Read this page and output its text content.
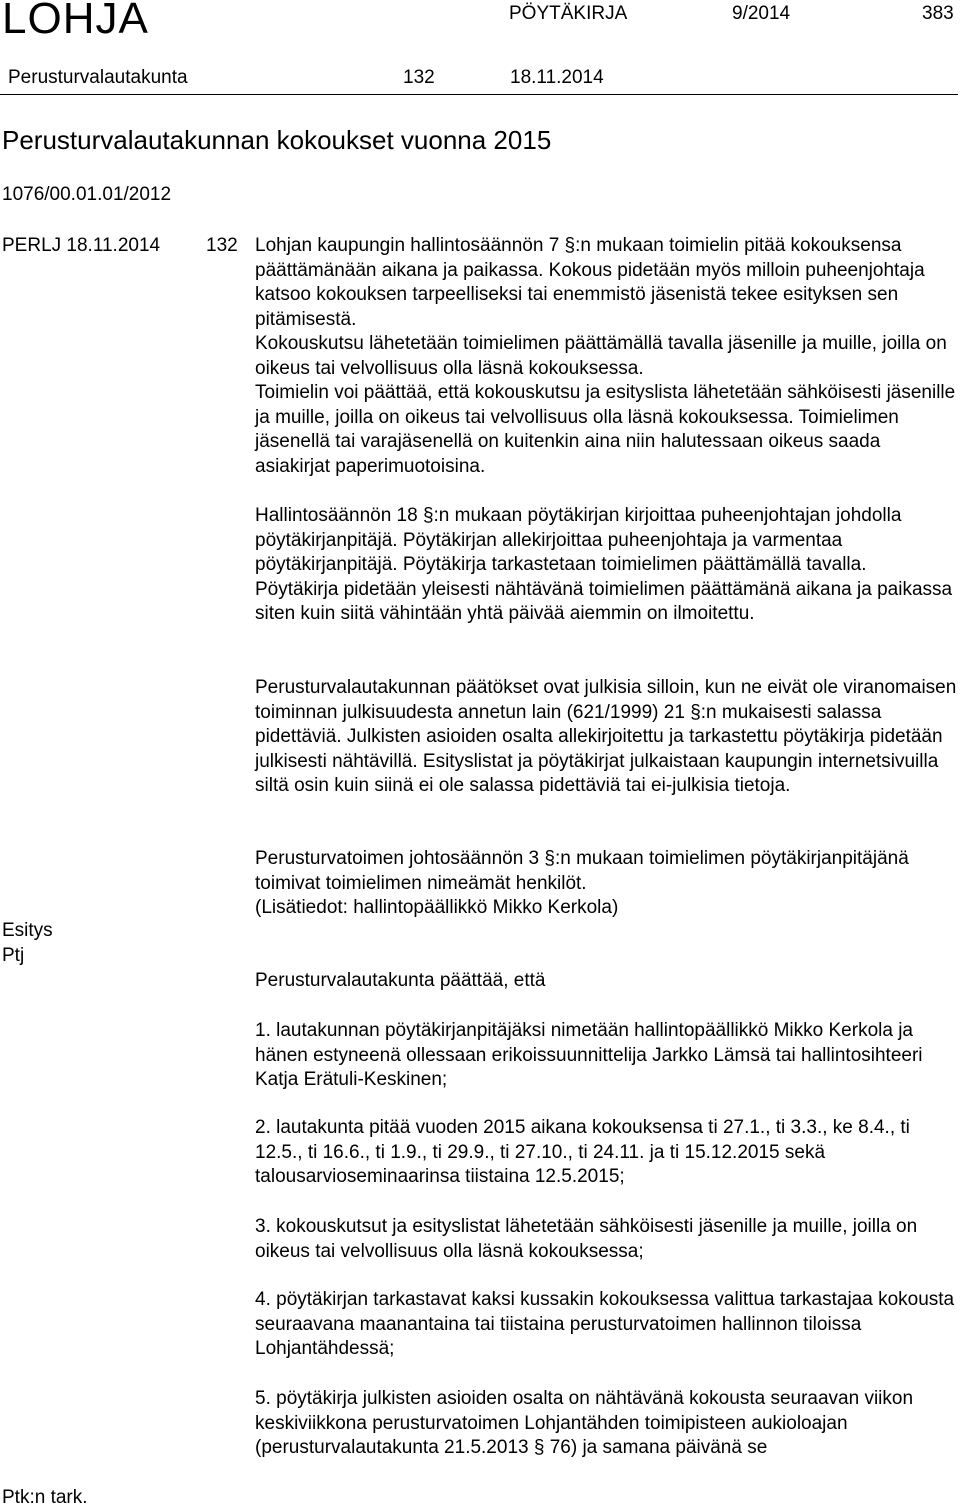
LOHJA	PÖYTÄKIRJA	9/2014	383
Perusturvalautakunta	132	18.11.2014
Perusturvalautakunnan kokoukset vuonna 2015
1076/00.01.01/2012
PERLJ 18.11.2014 132
Esitys
Ptj
Ptk:n tark.

Lohjan kaupungin hallintosäännön 7 §:n mukaan toimielin pitää kokouksensa päättämänään aikana ja paikassa. Kokous pidetään myös milloin puheenjohtaja katsoo kokouksen tarpeelliseksi tai enemmistö jäsenistä tekee esityksen sen pitämisestä.

Kokouskutsu lähetetään toimielimen päättämällä tavalla jäsenille ja muille, joilla on oikeus tai velvollisuus olla läsnä kokouksessa.

Toimielin voi päättää, että kokouskutsu ja esityslista lähetetään sähköisesti jäsenille ja muille, joilla on oikeus tai velvollisuus olla läsnä kokouksessa. Toimielimen jäsenellä tai varajäsenellä on kuitenkin aina niin halutessaan oikeus saada asiakirjat paperimuotoisina.

Hallintosäännön 18 §:n mukaan pöytäkirjan kirjoittaa puheenjohtajan johdolla pöytäkirjanpitäjä. Pöytäkirjan allekirjoittaa puheenjohtaja ja varmentaa pöytäkirjanpitäjä. Pöytäkirja tarkastetaan toimielimen päättämällä tavalla.

Pöytäkirja pidetään yleisesti nähtävänä toimielimen päättämänä aikana ja paikassa siten kuin siitä vähintään yhtä päivää aiemmin on ilmoitettu.

Perusturvalautakunnan päätökset ovat julkisia silloin, kun ne eivät ole viranomaisen toiminnan julkisuudesta annetun lain (621/1999) 21 §:n mukaisesti salassa pidettäviä. Julkisten asioiden osalta allekirjoitettu ja tarkastettu pöytäkirja pidetään julkisesti nähtävillä. Esityslistat ja pöytäkirjat julkaistaan kaupungin internetsivuilla siltä osin kuin siinä ei ole salassa pidettäviä tai ei-julkisia tietoja.

Perusturvatoimen johtosäännön 3 §:n mukaan toimielimen pöytäkirjanpitäjänä toimivat toimielimen nimeämät henkilöt.

(Lisätiedot: hallintopäällikkö Mikko Kerkola)

Perusturvalautakunta päättää, että

1. lautakunnan pöytäkirjanpitäjäksi nimetään hallintopäällikkö Mikko Kerkola ja hänen estyneenä ollessaan erikoissuunnittelija Jarkko Lämsä tai hallintosihteeri Katja Erätuli-Keskinen;

2. lautakunta pitää vuoden 2015 aikana kokouksensa ti 27.1., ti 3.3., ke 8.4., ti 12.5., ti 16.6., ti 1.9., ti 29.9., ti 27.10., ti 24.11. ja ti 15.12.2015 sekä talousarvioseminaarinsa tiistaina 12.5.2015;

3. kokouskutsut ja esityslistat lähetetään sähköisesti jäsenille ja muille, joilla on oikeus tai velvollisuus olla läsnä kokouksessa;

4. pöytäkirjan tarkastavat kaksi kussakin kokouksessa valittua tarkastajaa kokousta seuraavana maanantaina tai tiistaina perusturvatoimen hallinnon tiloissa Lohjantähdessä;

5. pöytäkirja julkisten asioiden osalta on nähtävänä kokousta seuraavan viikon keskiviikkona perusturvatoimen Lohjantähden toimipisteen aukioloajan (perusturvalautakunta 21.5.2013 § 76) ja samana päivänä se
